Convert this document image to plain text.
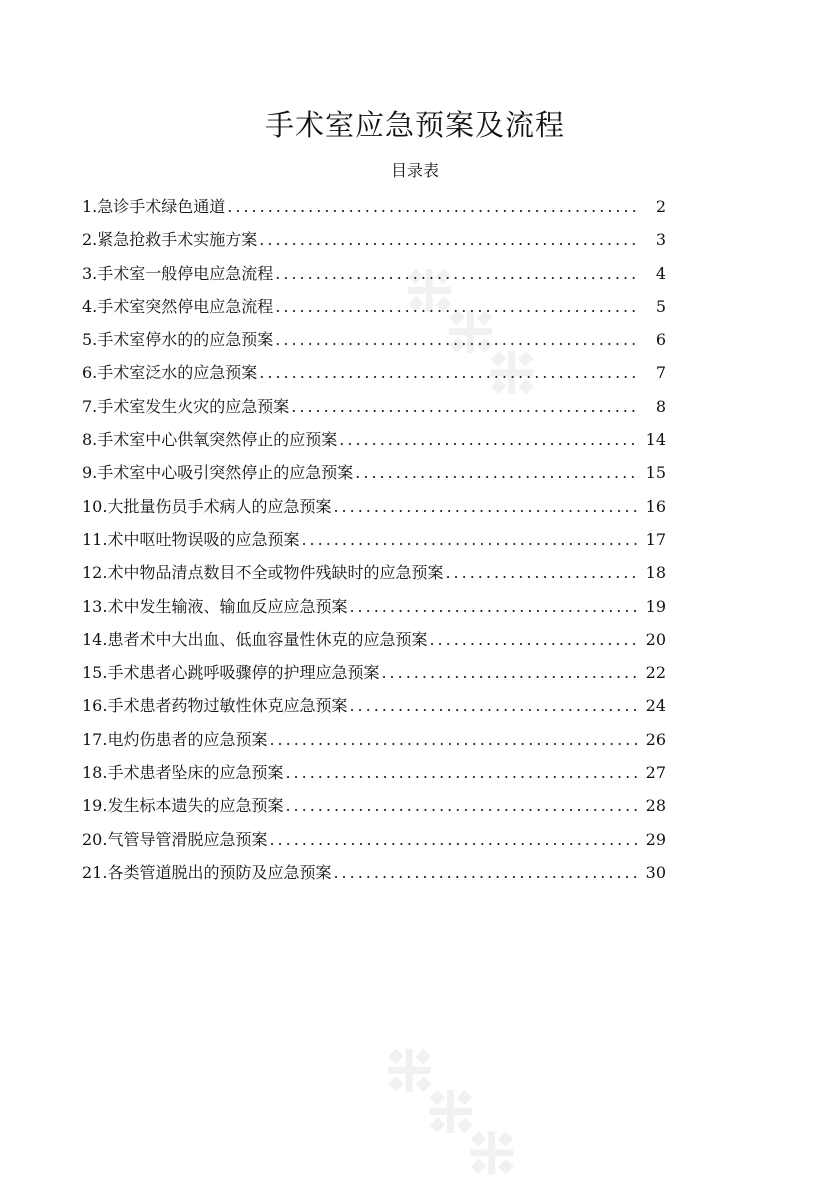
※※※
※※※
手术室应急预案及流程
目录表
1.急诊手术绿色通道 .....	2
2.紧急抢救手术实施方案 .....	3
3.手术室一般停电应急流程 .....	4
4.手术室突然停电应急流程 .....	5
5.手术室停水的的应急预案 .....	6
6.手术室泛水的应急预案 .....	7
7.手术室发生火灾的应急预案 .....	8
8.手术室中心供氧突然停止的应预案 .....	14
9.手术室中心吸引突然停止的应急预案 .....	15
10.大批量伤员手术病人的应急预案 .....	16
11.术中呕吐物误吸的应急预案 .....	17
12.术中物品清点数目不全或物件残缺时的应急预案 .....	18
13.术中发生输液、输血反应应急预案 .....	19
14.患者术中大出血、低血容量性休克的应急预案 .....	20
15.手术患者心跳呼吸骤停的护理应急预案 .....	22
16.手术患者药物过敏性休克应急预案 .....	24
17.电灼伤患者的应急预案 .....	26
18.手术患者坠床的应急预案 .....	27
19.发生标本遗失的应急预案 .....	28
20.气管导管滑脱应急预案 .....	29
21.各类管道脱出的预防及应急预案 .....	30
